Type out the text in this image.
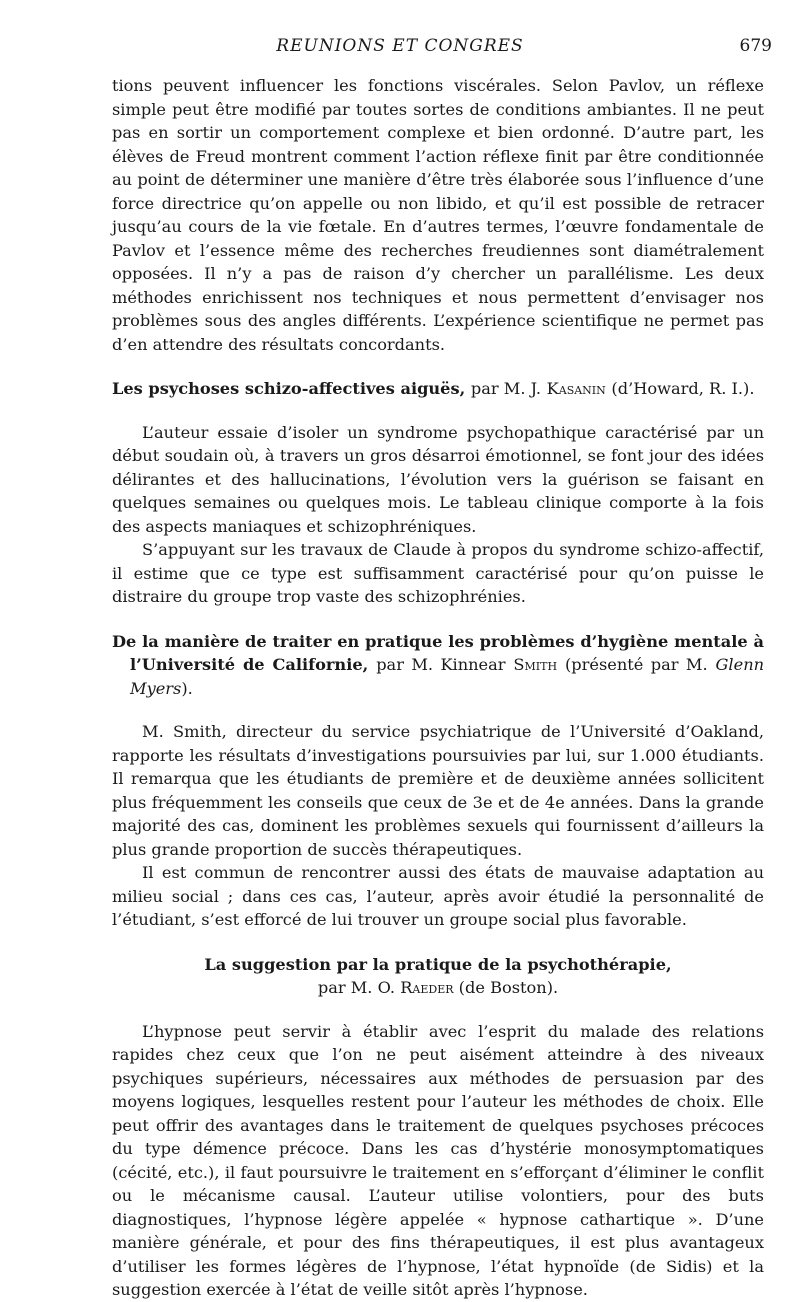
REUNIONS ET CONGRES	679

tions peuvent influencer les fonctions viscérales. Selon Pavlov, un réflexe simple peut être modifié par toutes sortes de conditions ambiantes. Il ne peut pas en sortir un comportement complexe et bien ordonné. D’autre part, les élèves de Freud montrent comment l’action réflexe finit par être conditionnée au point de déterminer une manière d’être très élaborée sous l’influence d’une force directrice qu’on appelle ou non libido, et qu’il est possible de retracer jusqu’au cours de la vie fœtale. En d’autres termes, l’œuvre fondamentale de Pavlov et l’essence même des recherches freudiennes sont diamétralement opposées. Il n’y a pas de raison d’y chercher un parallélisme. Les deux méthodes enrichissent nos techniques et nous permettent d’envisager nos problèmes sous des angles différents. L’expérience scientifique ne permet pas d’en attendre des résultats concordants.

Les psychoses schizo-affectives aiguës, par M. J. Kasanin (d’Howard, R. I.).

L’auteur essaie d’isoler un syndrome psychopathique caractérisé par un début soudain où, à travers un gros désarroi émotionnel, se font jour des idées délirantes et des hallucinations, l’évolution vers la guérison se faisant en quelques semaines ou quelques mois. Le tableau clinique comporte à la fois des aspects maniaques et schizophréniques.

S’appuyant sur les travaux de Claude à propos du syndrome schizo-affectif, il estime que ce type est suffisamment caractérisé pour qu’on puisse le distraire du groupe trop vaste des schizophrénies.

De la manière de traiter en pratique les problèmes d’hygiène mentale à l’Université de Californie, par M. Kinnear Smith (présenté par M. Glenn Myers).

M. Smith, directeur du service psychiatrique de l’Université d’Oakland, rapporte les résultats d’investigations poursuivies par lui, sur 1.000 étudiants. Il remarqua que les étudiants de première et de deuxième années sollicitent plus fréquemment les conseils que ceux de 3e et de 4e années. Dans la grande majorité des cas, dominent les problèmes sexuels qui fournissent d’ailleurs la plus grande proportion de succès thérapeutiques.

Il est commun de rencontrer aussi des états de mauvaise adaptation au milieu social ; dans ces cas, l’auteur, après avoir étudié la personnalité de l’étudiant, s’est efforcé de lui trouver un groupe social plus favorable.

La suggestion par la pratique de la psychothérapie,

par M. O. Raeder (de Boston).

L’hypnose peut servir à établir avec l’esprit du malade des relations rapides chez ceux que l’on ne peut aisément atteindre à des niveaux psychiques supérieurs, nécessaires aux méthodes de persuasion par des moyens logiques, lesquelles restent pour l’auteur les méthodes de choix. Elle peut offrir des avantages dans le traitement de quelques psychoses précoces du type démence précoce. Dans les cas d’hystérie monosymptomatiques (cécité, etc.), il faut poursuivre le traitement en s’efforçant d’éliminer le conflit ou le mécanisme causal. L’auteur utilise volontiers, pour des buts diagnostiques, l’hypnose légère appelée « hypnose cathartique ». D’une manière générale, et pour des fins thérapeutiques, il est plus avantageux d’utiliser les formes légères de l’hypnose, l’état hypnoïde (de Sidis) et la suggestion exercée à l’état de veille sitôt après l’hypnose.
